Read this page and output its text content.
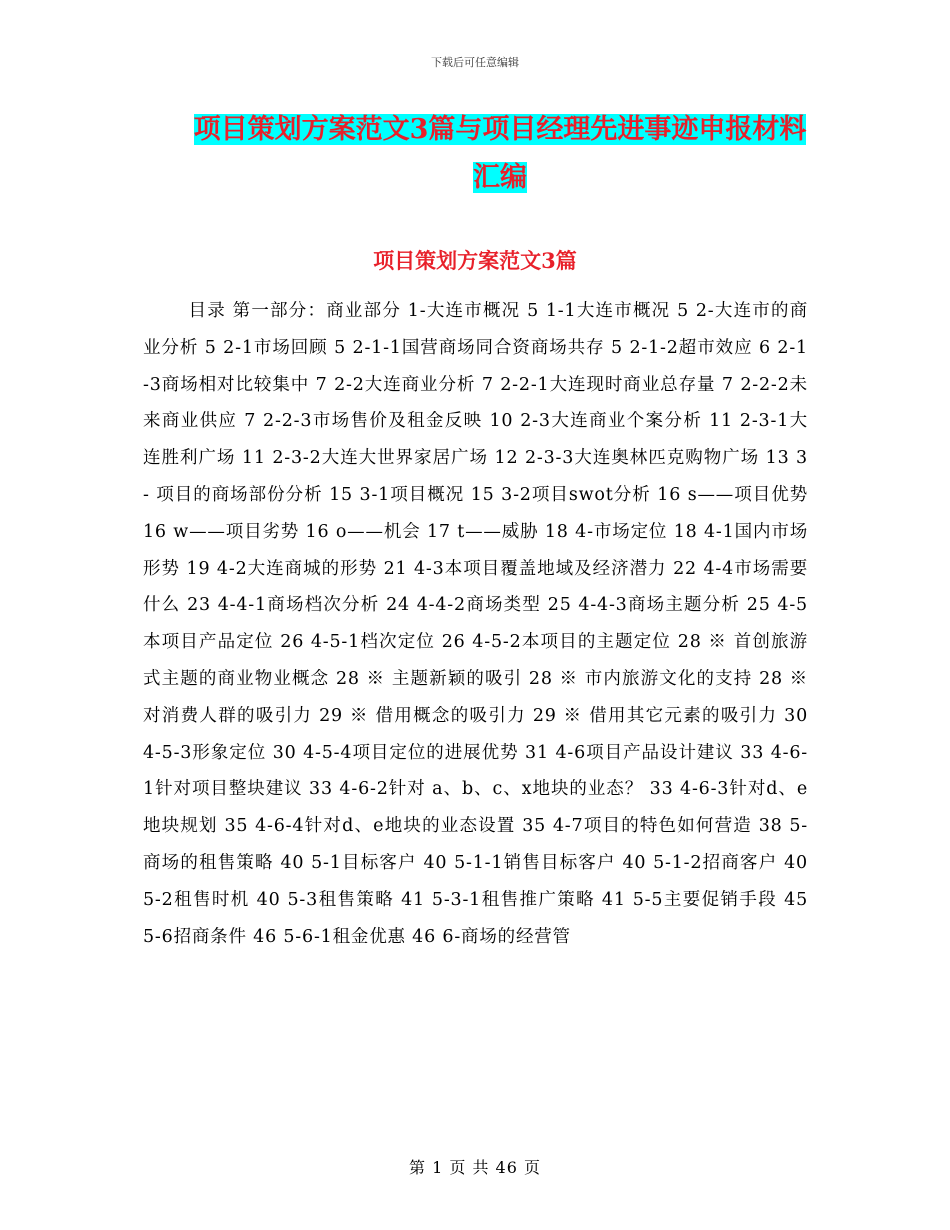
下载后可任意编辑
项目策划方案范文3篇与项目经理先进事迹申报材料
汇编
项目策划方案范文3篇

目录 第一部分：商业部分 1-大连市概况 5 1-1大连市概况 5 2-大连市的商业分析 5 2-1市场回顾 5 2-1-1国营商场同合资商场共存 5 2-1-2超市效应 6 2-1-3商场相对比较集中 7 2-2大连商业分析 7 2-2-1大连现时商业总存量 7 2-2-2未来商业供应 7 2-2-3市场售价及租金反映 10 2-3大连商业个案分析 11 2-3-1大连胜利广场 11 2-3-2大连大世界家居广场 12 2-3-3大连奥林匹克购物广场 13 3- 项目的商场部份分析 15 3-1项目概况 15 3-2项目swot分析 16 s——项目优势 16 w——项目劣势 16 o——机会 17 t——威胁 18 4-市场定位 18 4-1国内市场形势 19 4-2大连商城的形势 21 4-3本项目覆盖地域及经济潜力 22 4-4市场需要什么 23 4-4-1商场档次分析 24 4-4-2商场类型 25 4-4-3商场主题分析 25 4-5本项目产品定位 26 4-5-1档次定位 26 4-5-2本项目的主题定位 28 ※ 首创旅游式主题的商业物业概念 28 ※ 主题新颖的吸引 28 ※ 市内旅游文化的支持 28 ※ 对消费人群的吸引力 29 ※ 借用概念的吸引力 29 ※ 借用其它元素的吸引力 30 4-5-3形象定位 30 4-5-4项目定位的进展优势 31 4-6项目产品设计建议 33 4-6-1针对项目整块建议 33 4-6-2针对 a、b、c、x地块的业态？ 33 4-6-3针对d、e地块规划 35 4-6-4针对d、e地块的业态设置 35 4-7项目的特色如何营造 38 5-商场的租售策略 40 5-1目标客户 40 5-1-1销售目标客户 40 5-1-2招商客户 40 5-2租售时机 40 5-3租售策略 41 5-3-1租售推广策略 41 5-5主要促销手段 45 5-6招商条件 46 5-6-1租金优惠 46 6-商场的经营管

第 1 页 共 46 页
